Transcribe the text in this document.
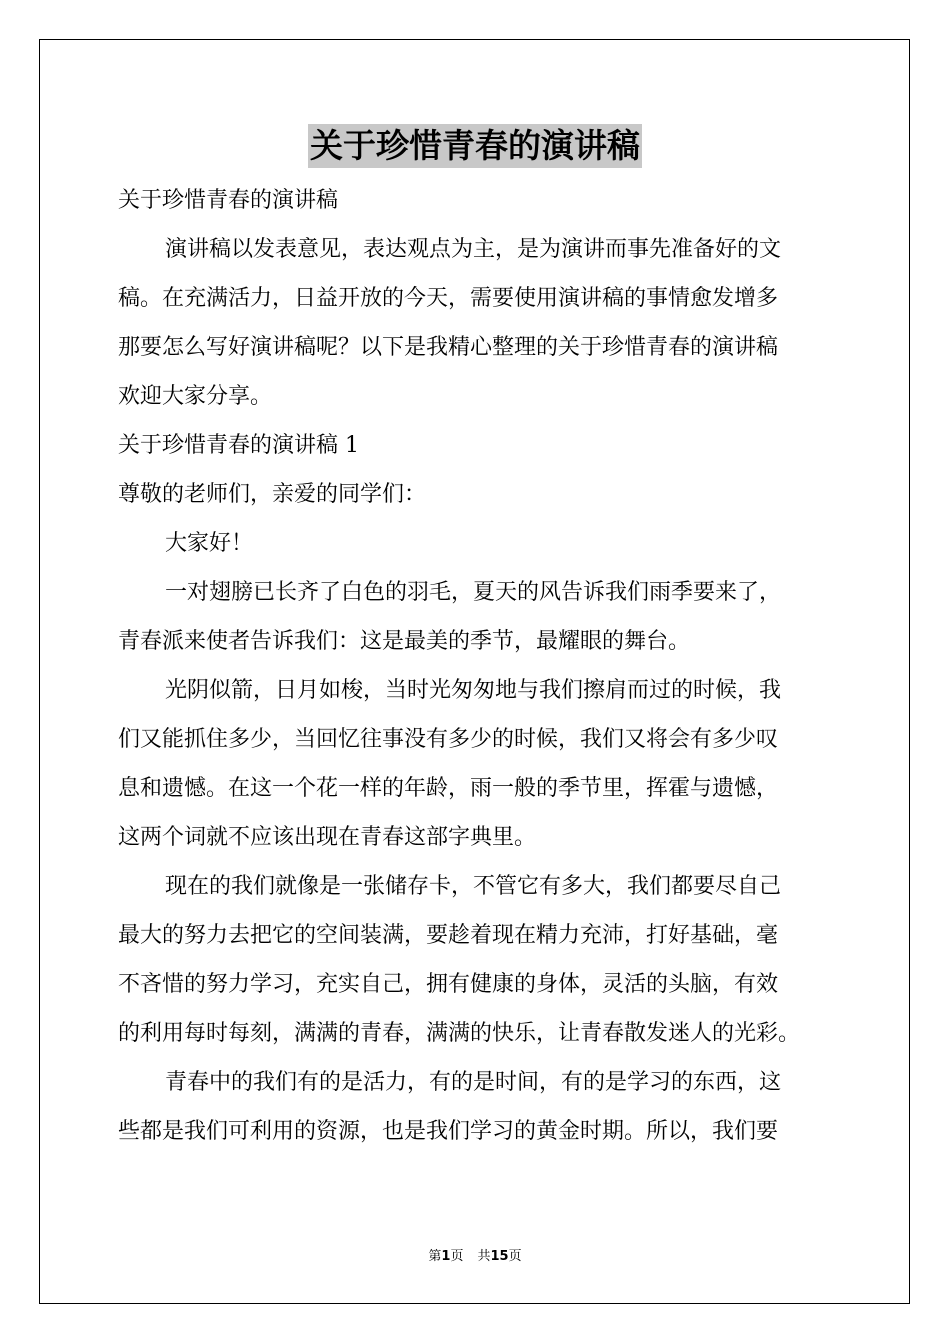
关于珍惜青春的演讲稿
关于珍惜青春的演讲稿
演讲稿以发表意见，表达观点为主，是为演讲而事先准备好的文
稿。在充满活力，日益开放的今天，需要使用演讲稿的事情愈发增多
那要怎么写好演讲稿呢？以下是我精心整理的关于珍惜青春的演讲稿
欢迎大家分享。
关于珍惜青春的演讲稿 1
尊敬的老师们，亲爱的同学们：
大家好！
一对翅膀已长齐了白色的羽毛，夏天的风告诉我们雨季要来了，
青春派来使者告诉我们：这是最美的季节，最耀眼的舞台。
光阴似箭，日月如梭，当时光匆匆地与我们擦肩而过的时候，我
们又能抓住多少，当回忆往事没有多少的时候，我们又将会有多少叹
息和遗憾。在这一个花一样的年龄，雨一般的季节里，挥霍与遗憾，
这两个词就不应该出现在青春这部字典里。
现在的我们就像是一张储存卡，不管它有多大，我们都要尽自己
最大的努力去把它的空间装满，要趁着现在精力充沛，打好基础，毫
不吝惜的努力学习，充实自己，拥有健康的身体，灵活的头脑，有效
的利用每时每刻，满满的青春，满满的快乐，让青春散发迷人的光彩。
青春中的我们有的是活力，有的是时间，有的是学习的东西，这
些都是我们可利用的资源，也是我们学习的黄金时期。所以，我们要
第1页 共15页
